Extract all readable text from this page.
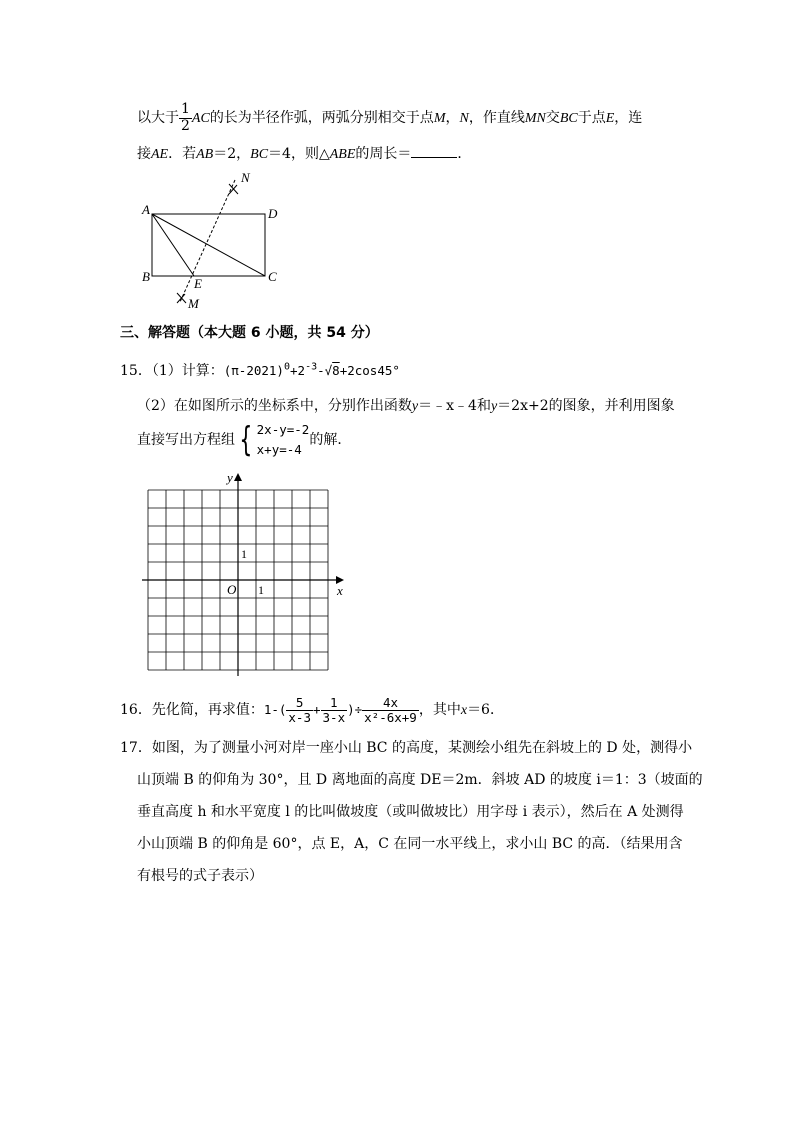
以大于 $\frac{1}{2}$ AC的长为半径作弧，两弧分别相交于点M，N，作直线MN交BC于点E，连
接AE．若AB＝2，BC＝4，则△ABE的周长＝	．
A	D
B	C
E
N
M
三、解答题（本大题 6 小题，共 54 分）
15．（1）计算：$(\pi-2021)^0+2^{-3}-√8+2\cos 45^\circ$
（2）在如图所示的坐标系中，分别作出函数y＝﹣x﹣4和y＝2x+2的图象，并利用图象
直接写出方程组 { 2x-y=-2
x+y=-4
的解．
y
x
O 1
1
16．先化简，再求值：$1-( \frac{5}{x-3} + \frac{1}{3-x}$ )÷ $\frac{4x}{\text{x²-6x+9}}$ ，其中x＝6．
17．如图，为了测量小河对岸一座小山 BC 的高度，某测绘小组先在斜坡上的 D 处，测得小
山顶端 B 的仰角为 30°，且 D 离地面的高度 DE＝2m．斜坡 AD 的坡度 i＝1：3（坡面的
垂直高度 h 和水平宽度 l 的比叫做坡度（或叫做坡比）用字母 i 表示），然后在 A 处测得
小山顶端 B 的仰角是 60°，点 E，A，C 在同一水平线上，求小山 BC 的高．（结果用含
有根号的式子表示）
